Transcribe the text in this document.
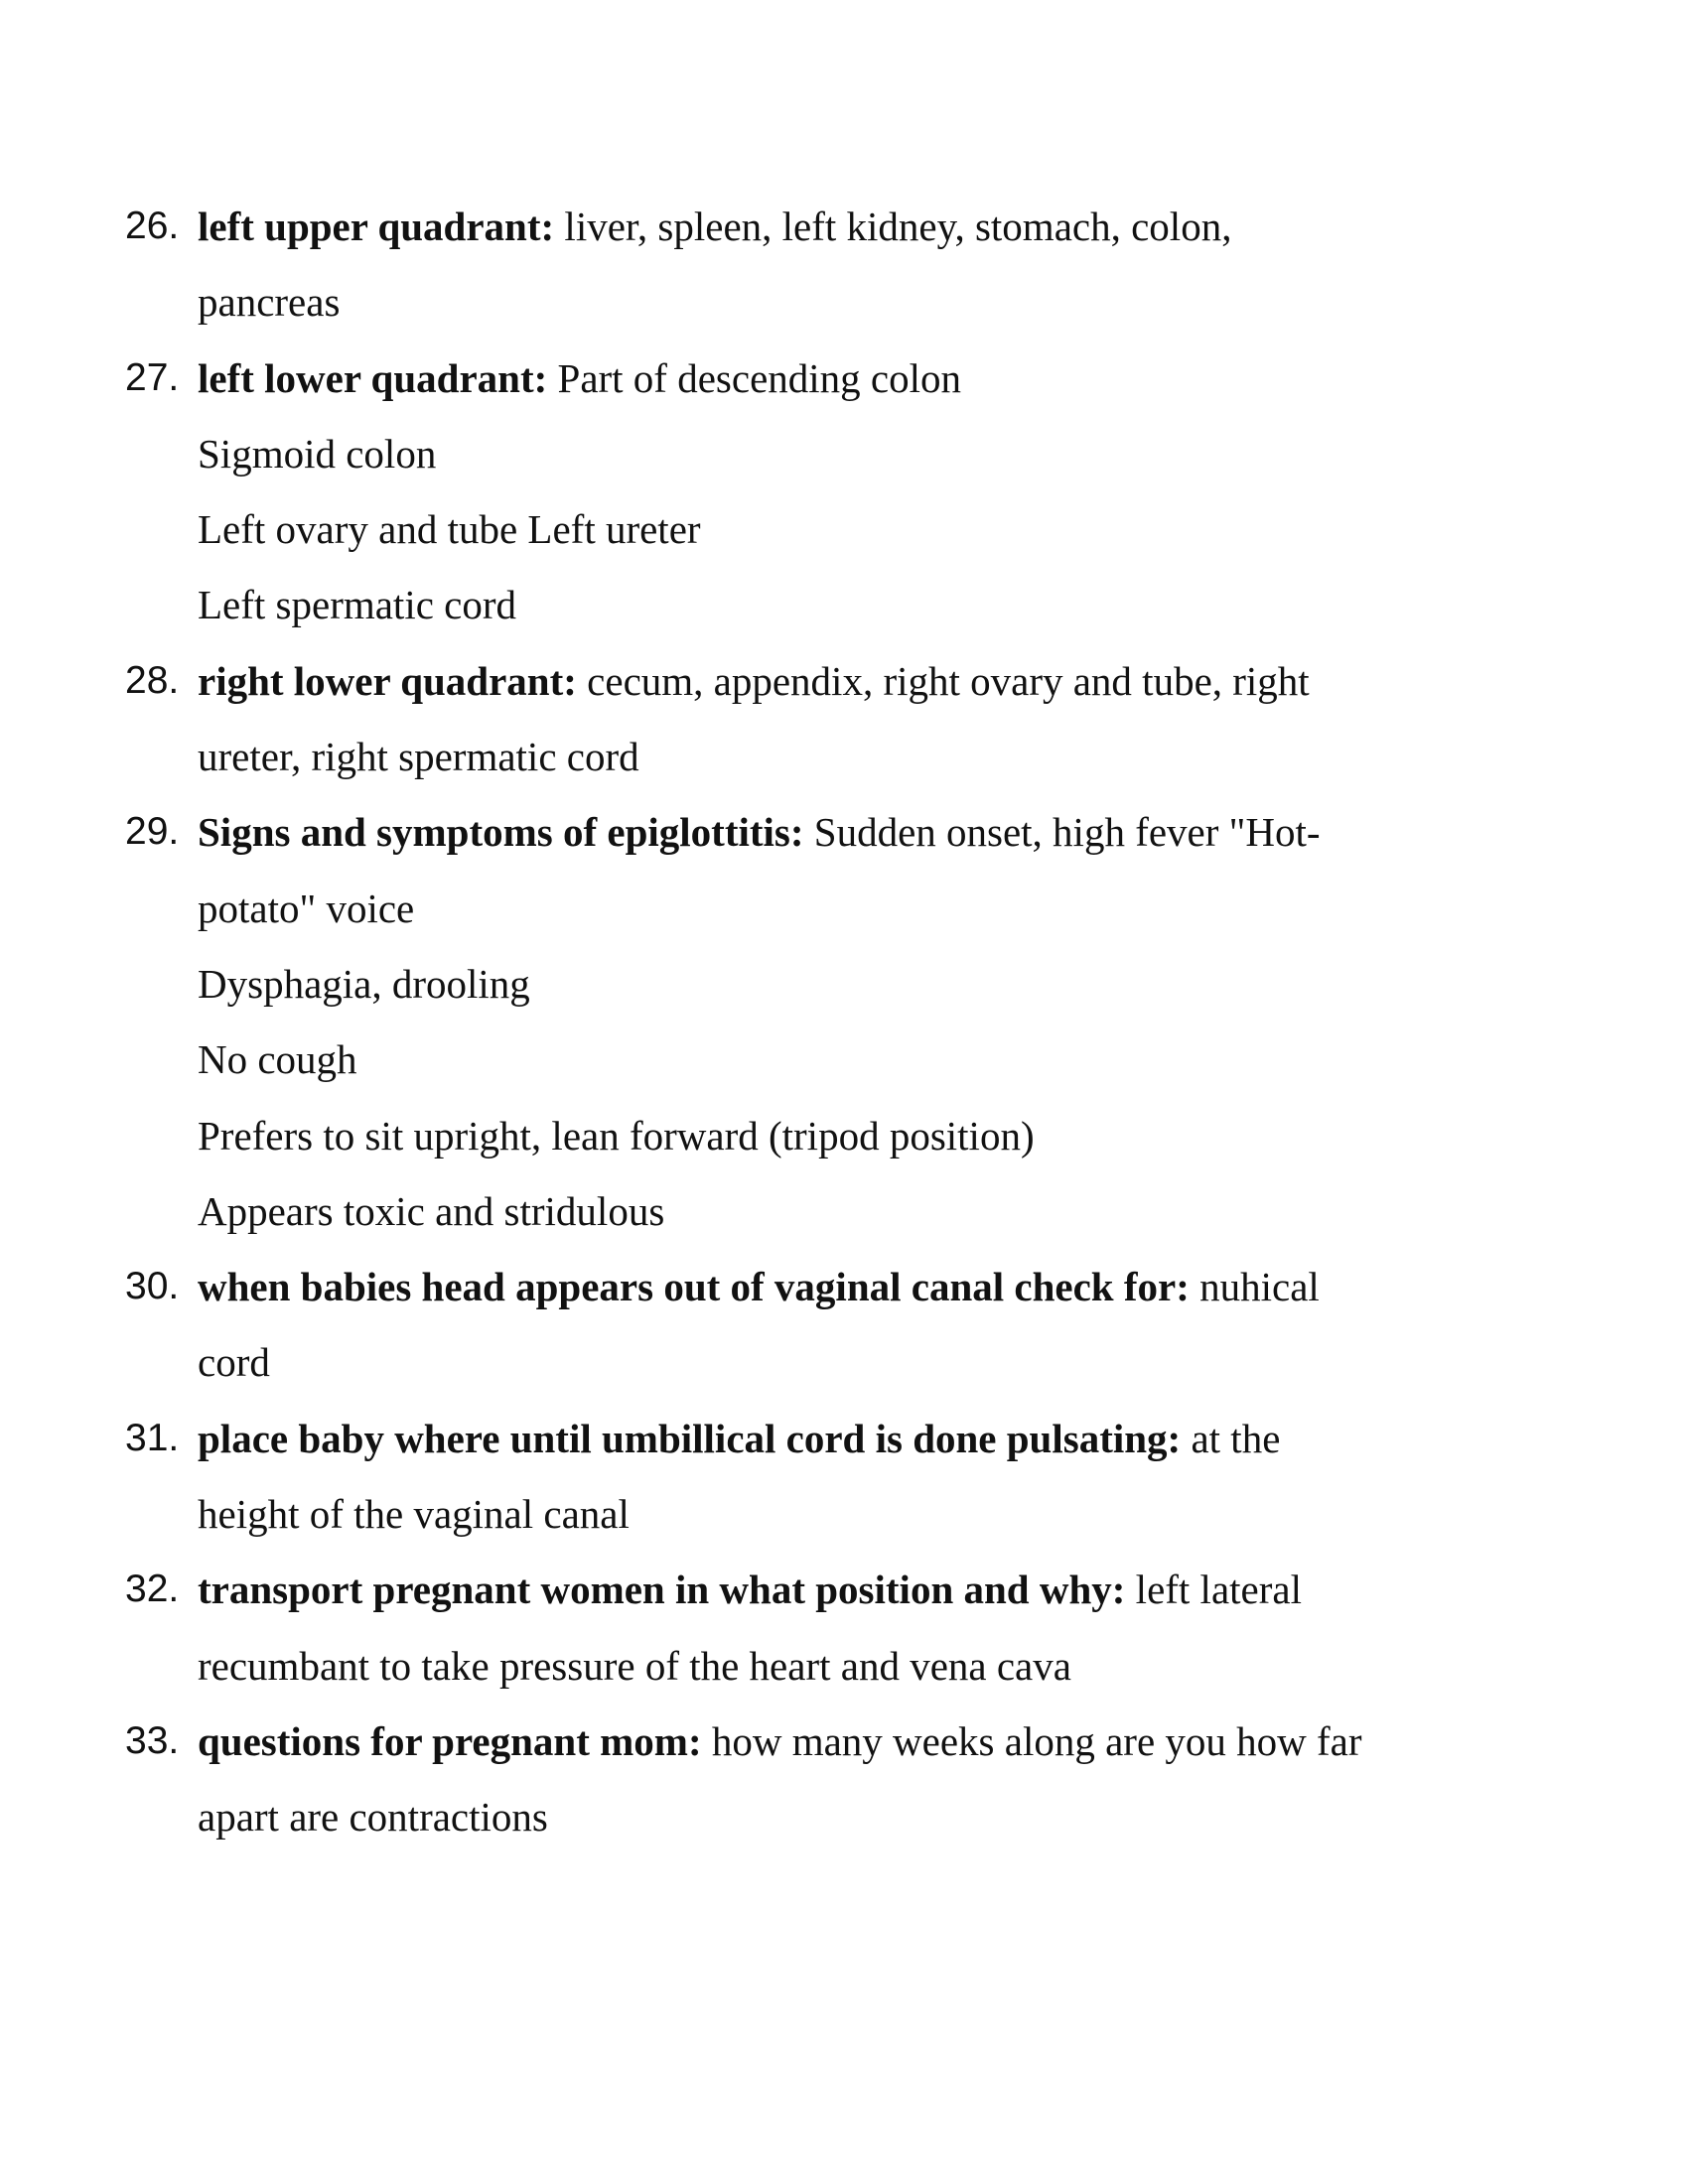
26. left upper quadrant: liver, spleen, left kidney, stomach, colon,
pancreas
27. left lower quadrant: Part of descending colon
Sigmoid colon
Left ovary and tube Left ureter
Left spermatic cord
28. right lower quadrant: cecum, appendix, right ovary and tube, right
ureter, right spermatic cord
29. Signs and symptoms of epiglottitis: Sudden onset, high fever "Hot-
potato" voice
Dysphagia, drooling
No cough
Prefers to sit upright, lean forward (tripod position)
Appears toxic and stridulous
30. when babies head appears out of vaginal canal check for: nuhical
cord
31. place baby where until umbillical cord is done pulsating: at the
height of the vaginal canal
32. transport pregnant women in what position and why: left lateral
recumbant to take pressure of the heart and vena cava
33. questions for pregnant mom: how many weeks along are you how far
apart are contractions
